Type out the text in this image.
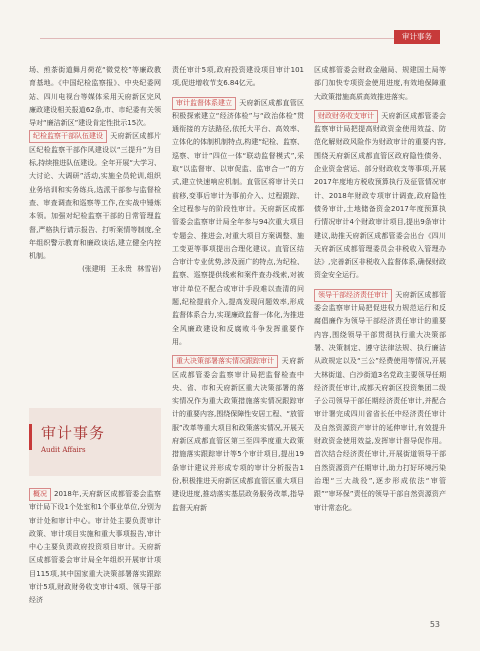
审计事务

场、煎茶街道舞月荷花“微党校”等廉政教育基地。《中国纪检监察报》、中央纪委网站、四川电视台等媒体采用天府新区完风廉政建设相关报道62条,市、市纪委有关领导对“廉洁新区”建设肯定性批示15次。

纪检监察干部队伍建设 天府新区成都片区纪检监察干部作风建设以“三提升”为目标,持续推进队伍建设。全年开展“大学习、大讨论、大调研”活动,实施全员轮训,组织业务培训和实务练兵,选派干部参与监督检查、审查调查和巡察等工作,在实战中锤炼本领。加强对纪检监察干部的日常管理监督,严格执行请示报告、打听案情等制度,全年组织警示教育和廉政谈话,建立健全内控机制。

(张建明 王永贵 林雪岩)

审计事务
Audit Affairs

概况 2018年,天府新区成都管委会监察审计局下设1个处室和1个事业单位,分别为审计处和审计中心。审计处主要负责审计政策、审计项目实施和重大事项报告,审计中心主要负责政府投资项目审计。天府新区成都管委会审计局全年组织开展审计项目115项,其中国家重大决策部署落实跟踪审计5项,财政财务收支审计4项、领导干部经济

责任审计5项,政府投资建设项目审计101项,促进增收节支6.84亿元。

审计监督体系建立 天府新区成都直管区积极探索建立“经济体检”与“政治体检”贯通衔接的方法路径,依托大平台、高效率、立体化的体制机制特点,构建“纪检、监察、巡察、审计”四位一体“联动监督模式”,采取“以监督审、以审促监、监审合一”的方式,建立快速响应机制。直管区将审计关口前移,变事后审计为事前介入、过程跟踪、全过程参与的阶段性审计。天府新区成都管委会监察审计局全年参与94次重大项目专题会、推进会,对重大项目方案调整、施工变更等事项提出合理化建议。直管区结合审计专业优势,涉及面广的特点,为纪检、监察、巡察提供线索和案件查办线索,对被审计单位不配合或审计手段难以查清的问题,纪检提前介入,提高发现问题效率,形成监督体系合力,实现廉政监督一体化,为推进全风廉政建设和反腐败斗争发挥重要作用。

重大决策部署落实情况跟踪审计 天府新区成都管委会监察审计局把监督检查中央、省、市和天府新区重大决策部署的落实情况作为重大政策措施落实情况跟踪审计的重要内容,围绕保障性安居工程、“放管服”改革等重大项目和政策落实情况,开展天府新区成都直管区第三至四季度重大政策措施落实跟踪审计等5个审计项目,提出19条审计建议并形成专项的审计分析报告1份,积极推进天府新区成都直管区重大项目建设进度,推动落实基层政务服务改革,指导监督天府新

区成都管委会财政金融局、规建国土局等部门加快专项资金使用进度,有效地保障重大政策措施高质高效推进落实。

财政财务收支审计 天府新区成都管委会监察审计局把提高财政资金使用效益、防范化解财政风险作为财政审计的重要内容,围绕天府新区成都直管区政府隐性债务、企业资金营运、部分财政收支等事项,开展2017年度地方税收预算执行及征管情况审计、2018年财政专项审计调查,政府隐性债务审计,土地储备资金2017年度预算执行情况审计4个财政审计项目,提出9条审计建议,助推天府新区成都管委会出台《四川天府新区成都管理委员会非税收入管理办法》,完善新区非税收入监督体系,确保财政资金安全运行。

领导干部经济责任审计 天府新区成都管委会监察审计局把促进权力规范运行和反腐倡廉作为领导干部经济责任审计的重要内容,围绕领导干部贯彻执行重大决策部署、决策制定、遵守法律法规、执行廉洁从政规定以及“三公”经费使用等情况,开展大林街道、白沙街道3名党政主要领导任期经济责任审计,成都天府新区投资集团二级子公司领导干部任期经济责任审计,并配合审计署完成四川省省长任中经济责任审计及自然资源资产审计的延伸审计,有效提升财政资金使用效益,发挥审计督导促作用。首次结合经济责任审计,开展街道领导干部自然资源资产任期审计,助力打好环境污染治理“三大战役”,逐步形成依法“审管跟”“审环保”责任的领导干部自然资源资产审计常态化。

53
